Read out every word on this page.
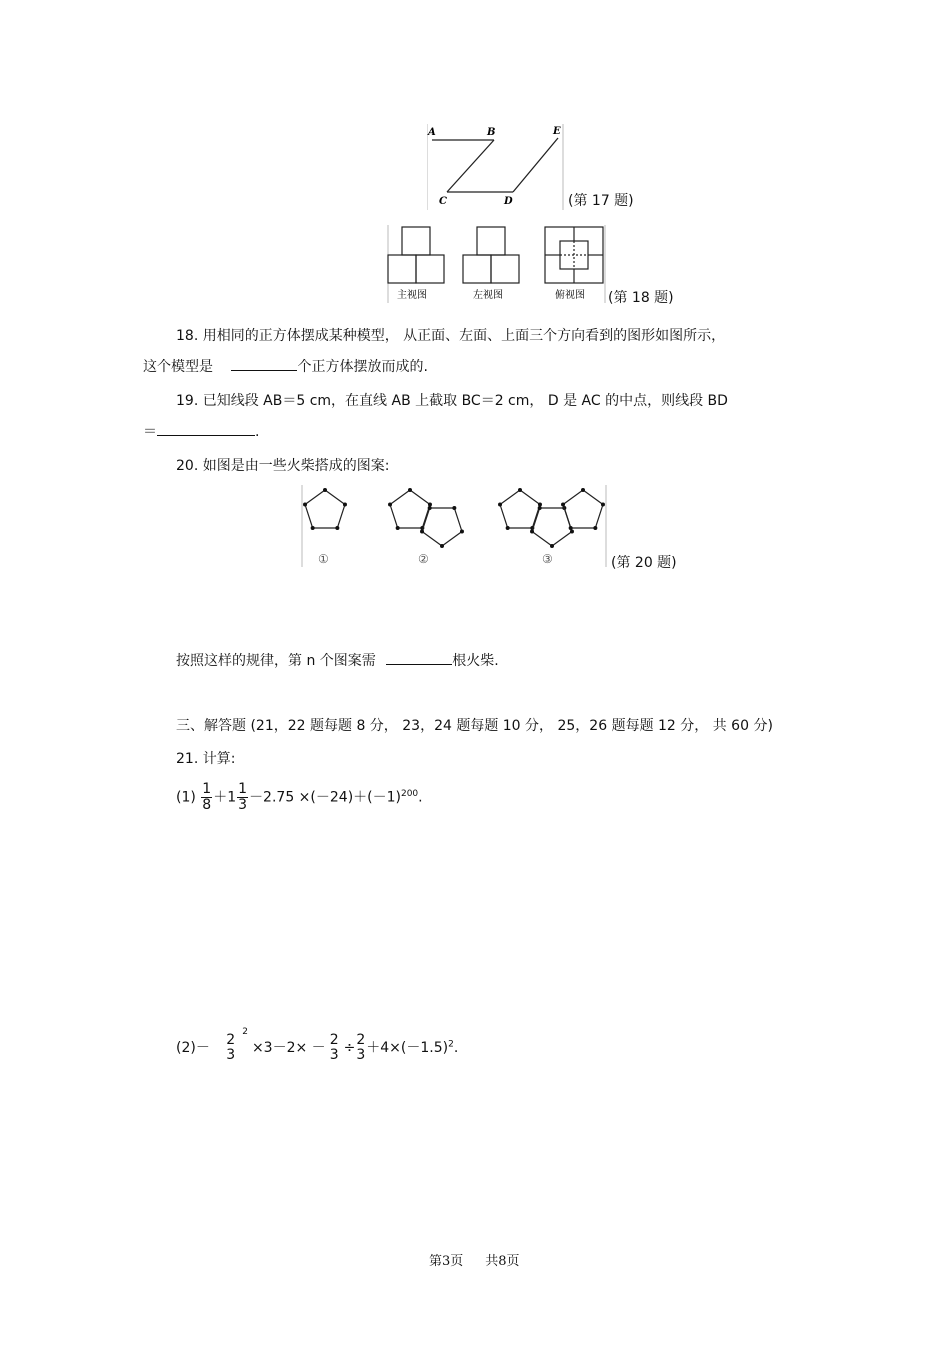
A	B	E
C	D	(第 17 题)
主视图	左视图	俯视图 (第 18 题)
18. 用相同的正方体摆成某种模型， 从正面、左面、上面三个方向看到的图形如图所示，
这个模型是	个正方体摆放而成的.
19. 已知线段 AB＝5 cm，在直线 AB 上截取 BC＝2 cm， D 是 AC 的中点，则线段 BD
＝	.
20. 如图是由一些火柴搭成的图案:
①	②	③	(第 20 题)
按照这样的规律，第 n 个图案需	根火柴.
三、解答题 (21，22 题每题 8 分， 23，24 题每题 10 分， 25，26 题每题 12 分， 共 60 分)
21. 计算:
$(1) \frac{1}{8} +1 \frac{1}{3} -2.75 \times(-24)+(-1)^{200}$.
(2)－ 2
3
$^2$×3－2× － 2
3 ÷ 2
$3 +4\times(-1.5)^2$.
第3页 共8页
